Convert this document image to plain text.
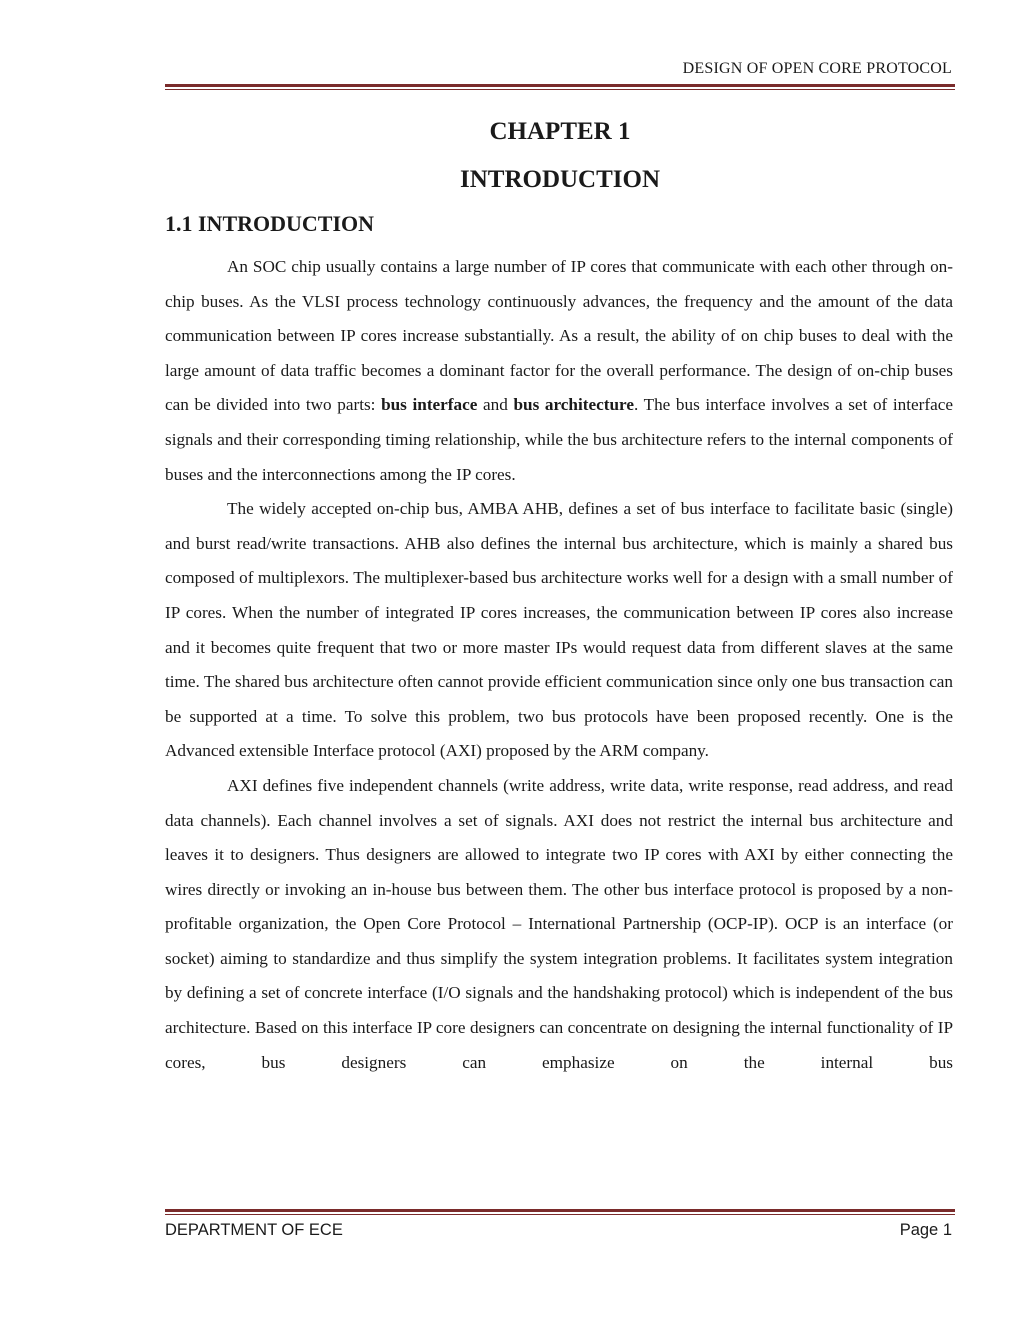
DESIGN OF OPEN CORE PROTOCOL
CHAPTER 1
INTRODUCTION
1.1 INTRODUCTION

An SOC chip usually contains a large number of IP cores that communicate with each other through on-chip buses. As the VLSI process technology continuously advances, the frequency and the amount of the data communication between IP cores increase substantially. As a result, the ability of on chip buses to deal with the large amount of data traffic becomes a dominant factor for the overall performance. The design of on-chip buses can be divided into two parts: bus interface and bus architecture. The bus interface involves a set of interface signals and their corresponding timing relationship, while the bus architecture refers to the internal components of buses and the interconnections among the IP cores.

The widely accepted on-chip bus, AMBA AHB, defines a set of bus interface to facilitate basic (single) and burst read/write transactions. AHB also defines the internal bus architecture, which is mainly a shared bus composed of multiplexors. The multiplexer-based bus architecture works well for a design with a small number of IP cores. When the number of integrated IP cores increases, the communication between IP cores also increase and it becomes quite frequent that two or more master IPs would request data from different slaves at the same time. The shared bus architecture often cannot provide efficient communication since only one bus transaction can be supported at a time. To solve this problem, two bus protocols have been proposed recently. One is the Advanced extensible Interface protocol (AXI) proposed by the ARM company.

AXI defines five independent channels (write address, write data, write response, read address, and read data channels). Each channel involves a set of signals. AXI does not restrict the internal bus architecture and leaves it to designers. Thus designers are allowed to integrate two IP cores with AXI by either connecting the wires directly or invoking an in-house bus between them. The other bus interface protocol is proposed by a non-profitable organization, the Open Core Protocol – International Partnership (OCP-IP). OCP is an interface (or socket) aiming to standardize and thus simplify the system integration problems. It facilitates system integration by defining a set of concrete interface (I/O signals and the handshaking protocol) which is independent of the bus architecture. Based on this interface IP core designers can concentrate on designing the internal functionality of IP cores, bus designers can emphasize on the internal bus

DEPARTMENT OF ECE	Page 1
